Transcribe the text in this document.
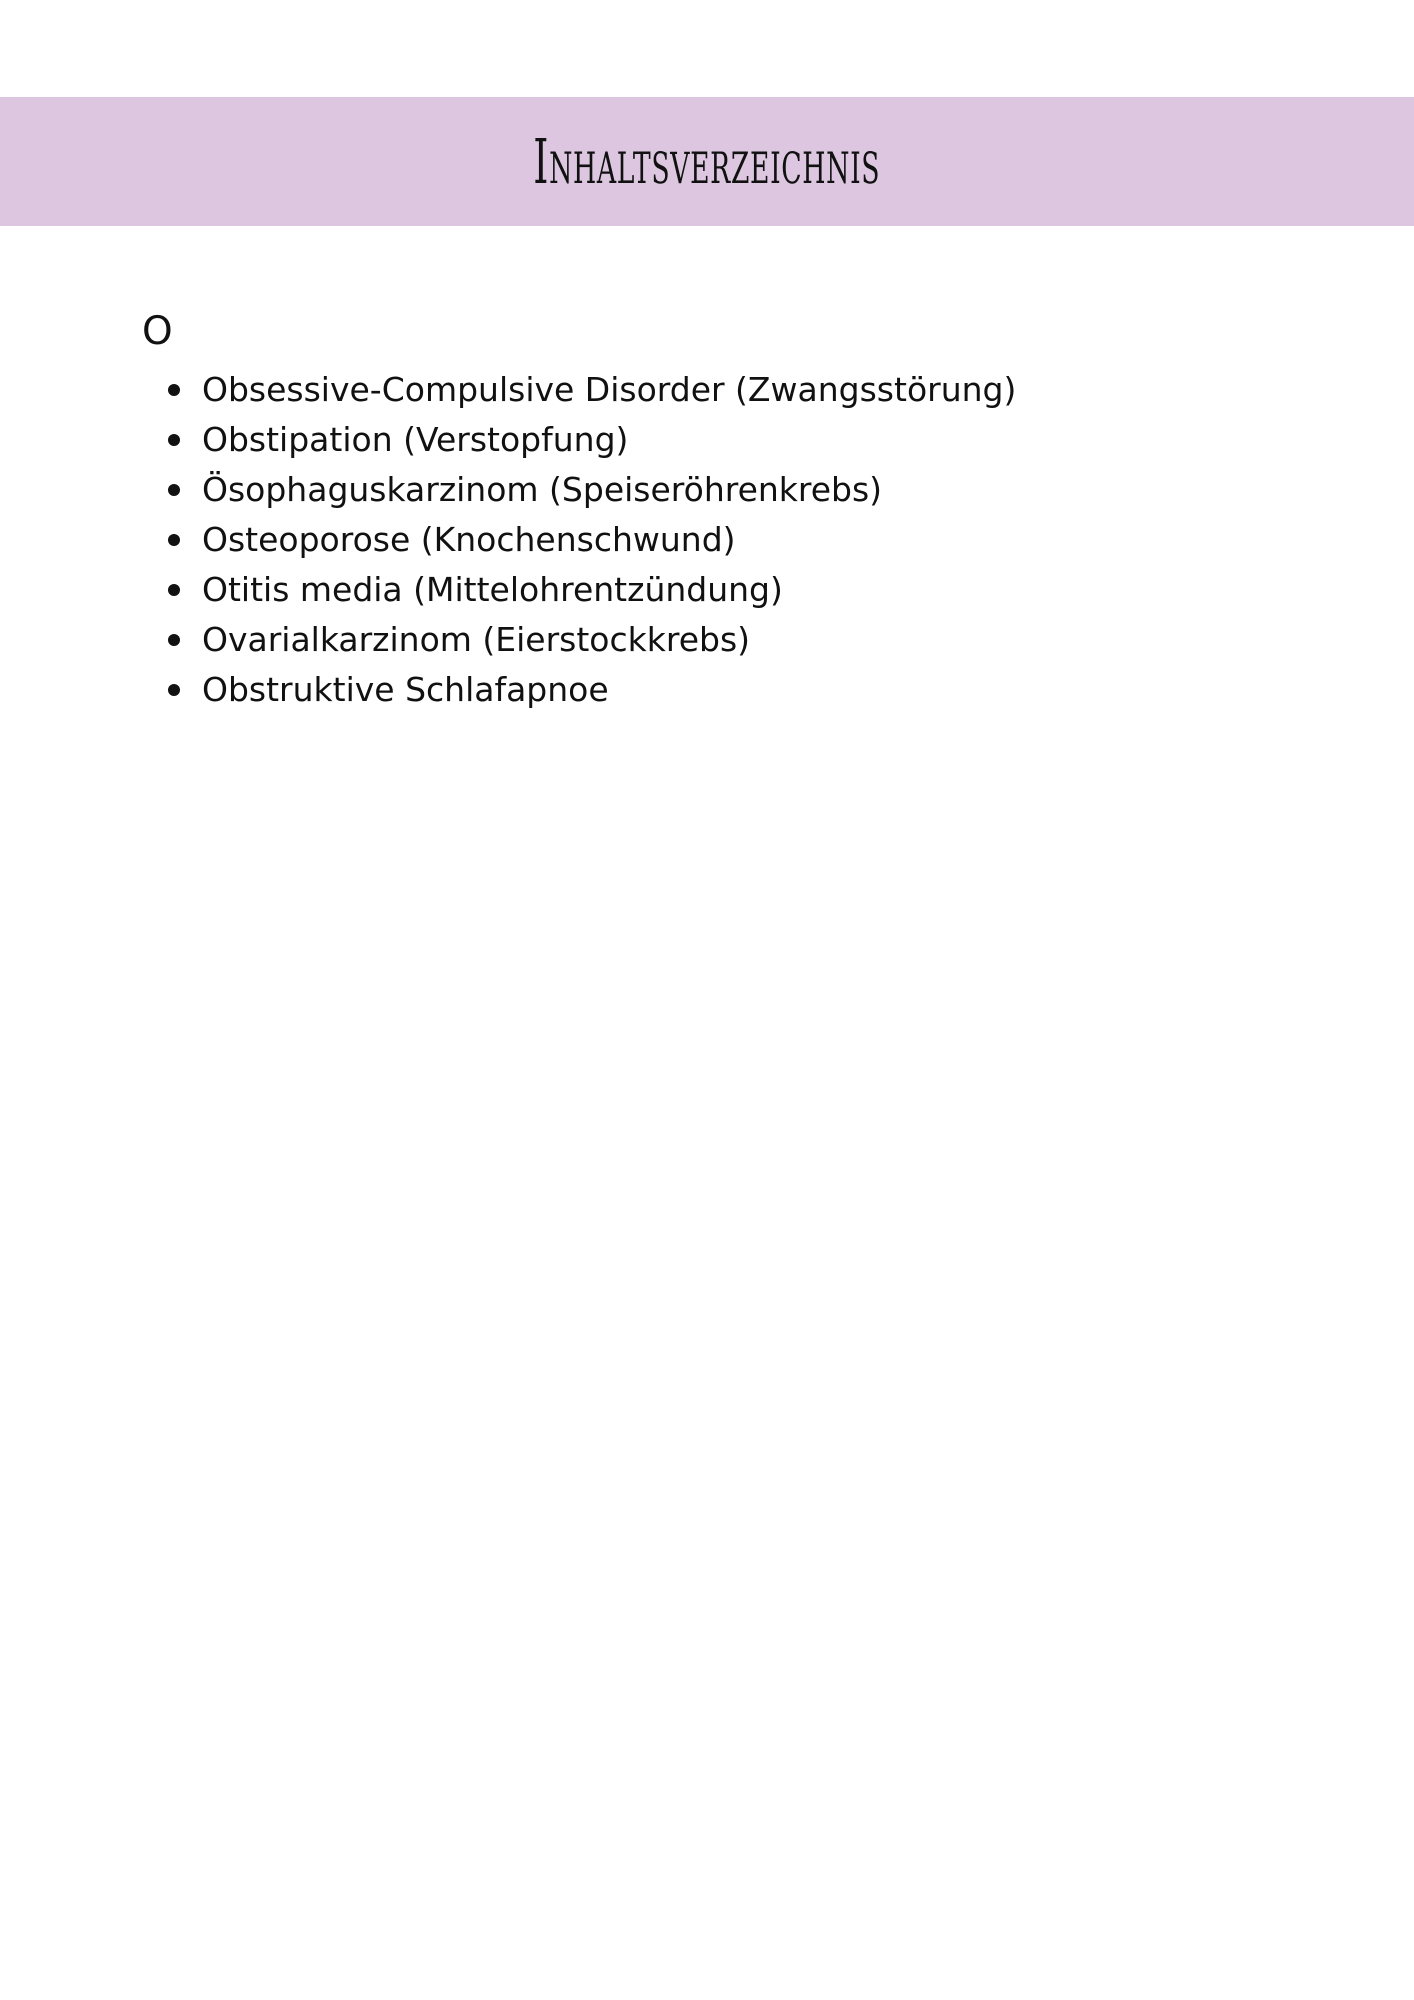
Inhaltsverzeichnis
O
Obsessive-Compulsive Disorder (Zwangsstörung)
Obstipation (Verstopfung)
Ösophaguskarzinom (Speiseröhrenkrebs)
Osteoporose (Knochenschwund)
Otitis media (Mittelohrentzündung)
Ovarialkarzinom (Eierstockkrebs)
Obstruktive Schlafapnoe
